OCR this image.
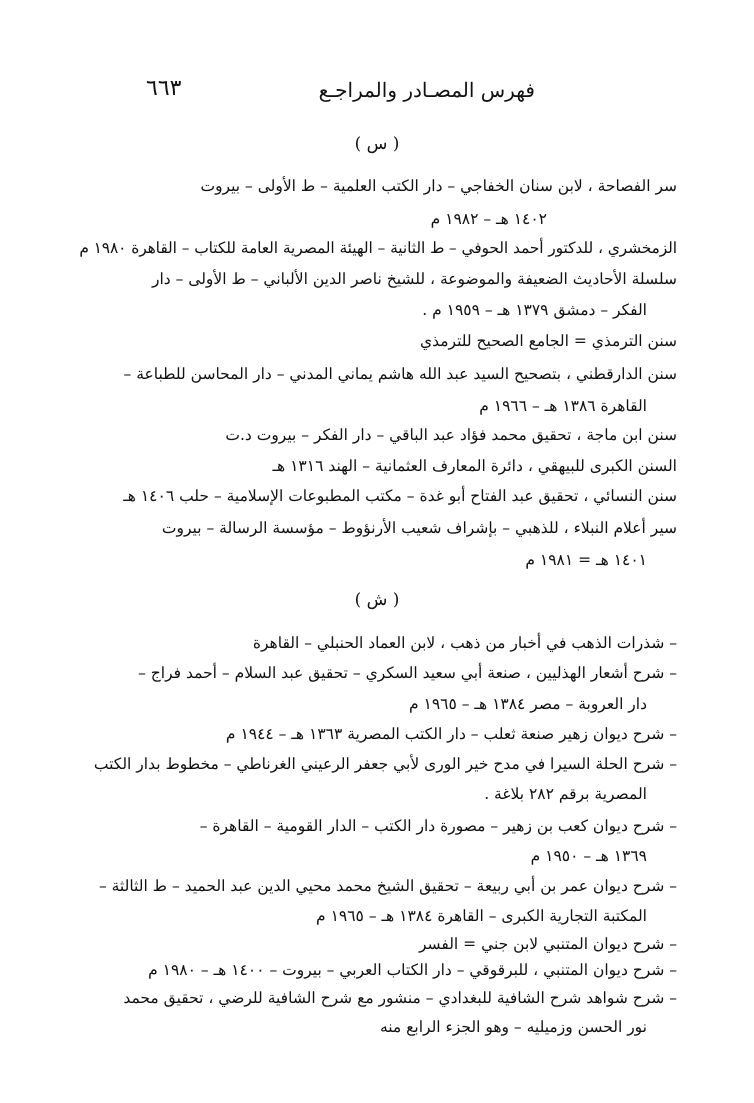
٦٦٣	فهرس المصـادر والمراجـع
( س )
سر الفصاحة ، لابن سنان الخفاجي – دار الكتب العلمية – ط الأولى – بيروت
١٤٠٢ هـ – ١٩٨٢ م
الزمخشري ، للدكتور أحمد الحوفي – ط الثانية – الهيئة المصرية العامة للكتاب – القاهرة ١٩٨٠ م
سلسلة الأحاديث الضعيفة والموضوعة ، للشيخ ناصر الدين الألباني – ط الأولى – دار
الفكر – دمشق ١٣٧٩ هـ – ١٩٥٩ م .
سنن الترمذي = الجامع الصحيح للترمذي
سنن الدارقطني ، بتصحيح السيد عبد الله هاشم يماني المدني – دار المحاسن للطباعة –
القاهرة ١٣٨٦ هـ – ١٩٦٦ م
سنن ابن ماجة ، تحقيق محمد فؤاد عبد الباقي – دار الفكر – بيروت د.ت
السنن الكبرى للبيهقي ، دائرة المعارف العثمانية – الهند ١٣١٦ هـ
سنن النسائي ، تحقيق عبد الفتاح أبو غدة – مكتب المطبوعات الإسلامية – حلب ١٤٠٦ هـ
سير أعلام النبلاء ، للذهبي – بإشراف شعيب الأرنؤوط – مؤسسة الرسالة – بيروت
١٤٠١ هـ = ١٩٨١ م
( ش )
– شذرات الذهب في أخبار من ذهب ، لابن العماد الحنبلي – القاهرة
– شرح أشعار الهذليين ، صنعة أبي سعيد السكري – تحقيق عبد السلام – أحمد فراج –
دار العروبة – مصر ١٣٨٤ هـ – ١٩٦٥ م
– شرح ديوان زهير صنعة ثعلب – دار الكتب المصرية ١٣٦٣ هـ – ١٩٤٤ م
– شرح الحلة السيرا في مدح خير الورى لأبي جعفر الرعيني الغرناطي – مخطوط بدار الكتب
المصرية برقم ٢٨٢ بلاغة .
– شرح ديوان كعب بن زهير – مصورة دار الكتب – الدار القومية – القاهرة –
١٣٦٩ هـ – ١٩٥٠ م
– شرح ديوان عمر بن أبي ربيعة – تحقيق الشيخ محمد محيي الدين عبد الحميد – ط الثالثة –
المكتبة التجارية الكبرى – القاهرة ١٣٨٤ هـ – ١٩٦٥ م
– شرح ديوان المتنبي لابن جني = الفسر
– شرح ديوان المتنبي ، للبرقوقي – دار الكتاب العربي – بيروت – ١٤٠٠ هـ – ١٩٨٠ م
– شرح شواهد شرح الشافية للبغدادي – منشور مع شرح الشافية للرضي ، تحقيق محمد
نور الحسن وزميليه – وهو الجزء الرابع منه
